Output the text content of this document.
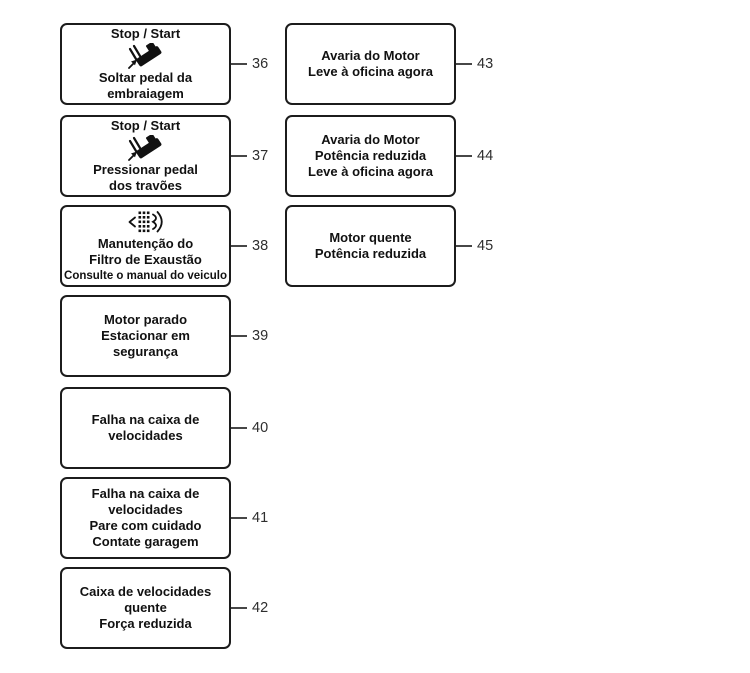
Stop / Start
Soltar pedal da
embraiagem
36
Stop / Start
Pressionar pedal
dos travões
37
Manutenção do
Filtro de Exaustão
Consulte o manual do veiculo
38
Motor parado
Estacionar em
segurança
39
Falha na caixa de
velocidades	40
Falha na caixa de
velocidades
Pare com cuidado
Contate garagem
41
Caixa de velocidades
quente
Força reduzida
42
Avaria do Motor
Leve à oficina agora	43
Avaria do Motor
Potência reduzida
Leve à oficina agora
44
Motor quente
Potência reduzida	45
